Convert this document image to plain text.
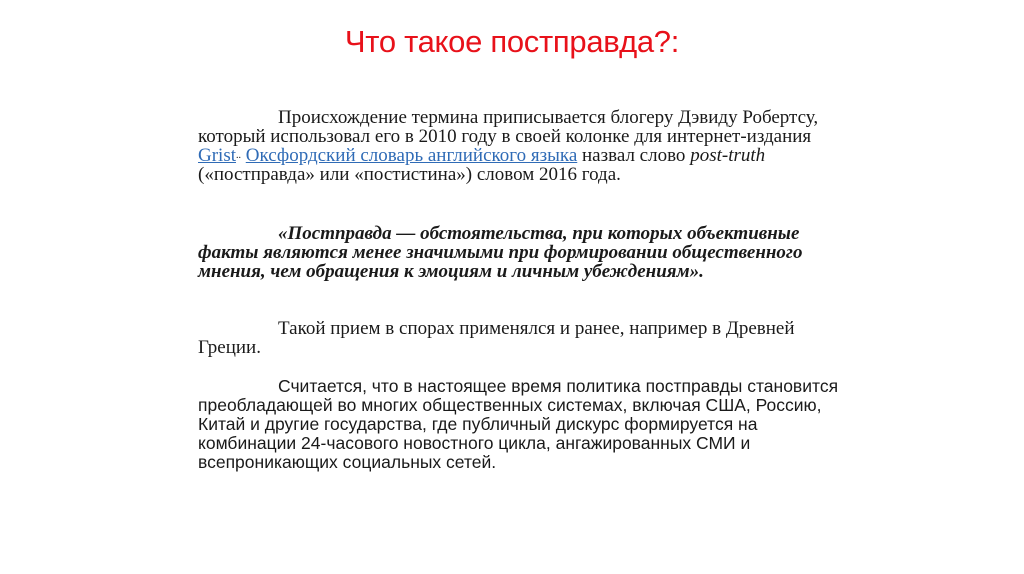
Что такое постправда?:

Происхождение термина приписывается блогеру Дэвиду Робертсу, который использовал его в 2010 году в своей колонке для интернет-издания Grist.. Оксфордский словарь английского языка назвал слово post-truth («постправда» или «постистина») словом 2016 года.

«Постправда — обстоятельства, при которых объективные факты являются менее значимыми при формировании общественного мнения, чем обращения к эмоциям и личным убеждениям».

Такой прием в спорах применялся и ранее, например в Древней Греции.

Считается, что в настоящее время политика постправды становится преобладающей во многих общественных системах, включая США, Россию, Китай и другие государства, где публичный дискурс формируется на комбинации 24-часового новостного цикла, ангажированных СМИ и всепроникающих социальных сетей.
